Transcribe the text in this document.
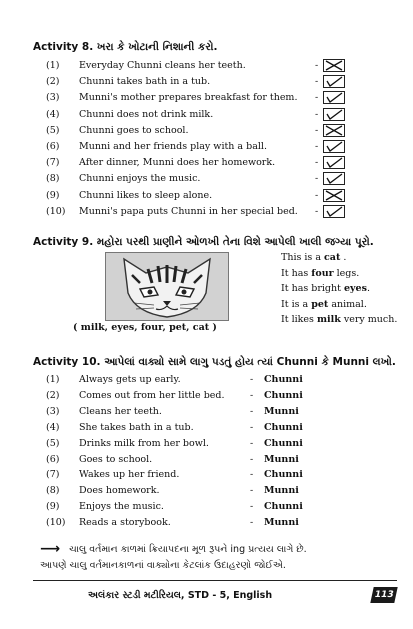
Activity 8. ખરા કે ખોટાની નિશાની કરો.
(1)	Everyday Chunni cleans her teeth.	-
(2)	Chunni takes bath in a tub.	-
(3)	Munni's mother prepares breakfast for them. -
(4)	Chunni does not drink milk.	-
(5)	Chunni goes to school.	-
(6)	Munni and her friends play with a ball.	-
(7)	After dinner, Munni does her homework.	-
(8)	Chunni enjoys the music.	-
(9)	Chunni likes to sleep alone.	-
(10)	Munni's papa puts Chunni in her special bed. -
Activity 9. મહોરા પરથી પ્રાણીને ઓળખી તેના વિશે આપેલી ખાલી જગ્યા પૂરો.
This is a cat .
It has four legs.
It has bright eyes.
It is a pet animal.
It likes milk very much.
( milk, eyes, four, pet, cat )
Activity 10. આપેલાં વાક્યો સામે લાગુ પડતું હોય ત્યાં Chunni કે Munni લખો.
(1)	Always gets up early.	- Chunni
(2)	Comes out from her little bed.	- Chunni
(3)	Cleans her teeth.	- Munni
(4)	She takes bath in a tub.	- Chunni
(5)	Drinks milk from her bowl.	- Chunni
(6)	Goes to school.	- Munni
(7)	Wakes up her friend.	- Chunni
(8)	Does homework.	- Munni
(9)	Enjoys the music.	- Chunni
(10)	Reads a storybook.	- Munni
⟶ ચાલુ વર્તમાન કાળમાં ક્રિયાપદના મૂળ રૂપને ing પ્રત્યય લાગે છે.
આપણે ચાલુ વર્તમાનકાળનાં વાક્યોના કેટલાંક ઉદાહરણો જોઈએ.
અલંકાર સ્ટડી મટીરિયલ, STD - 5, English	113
